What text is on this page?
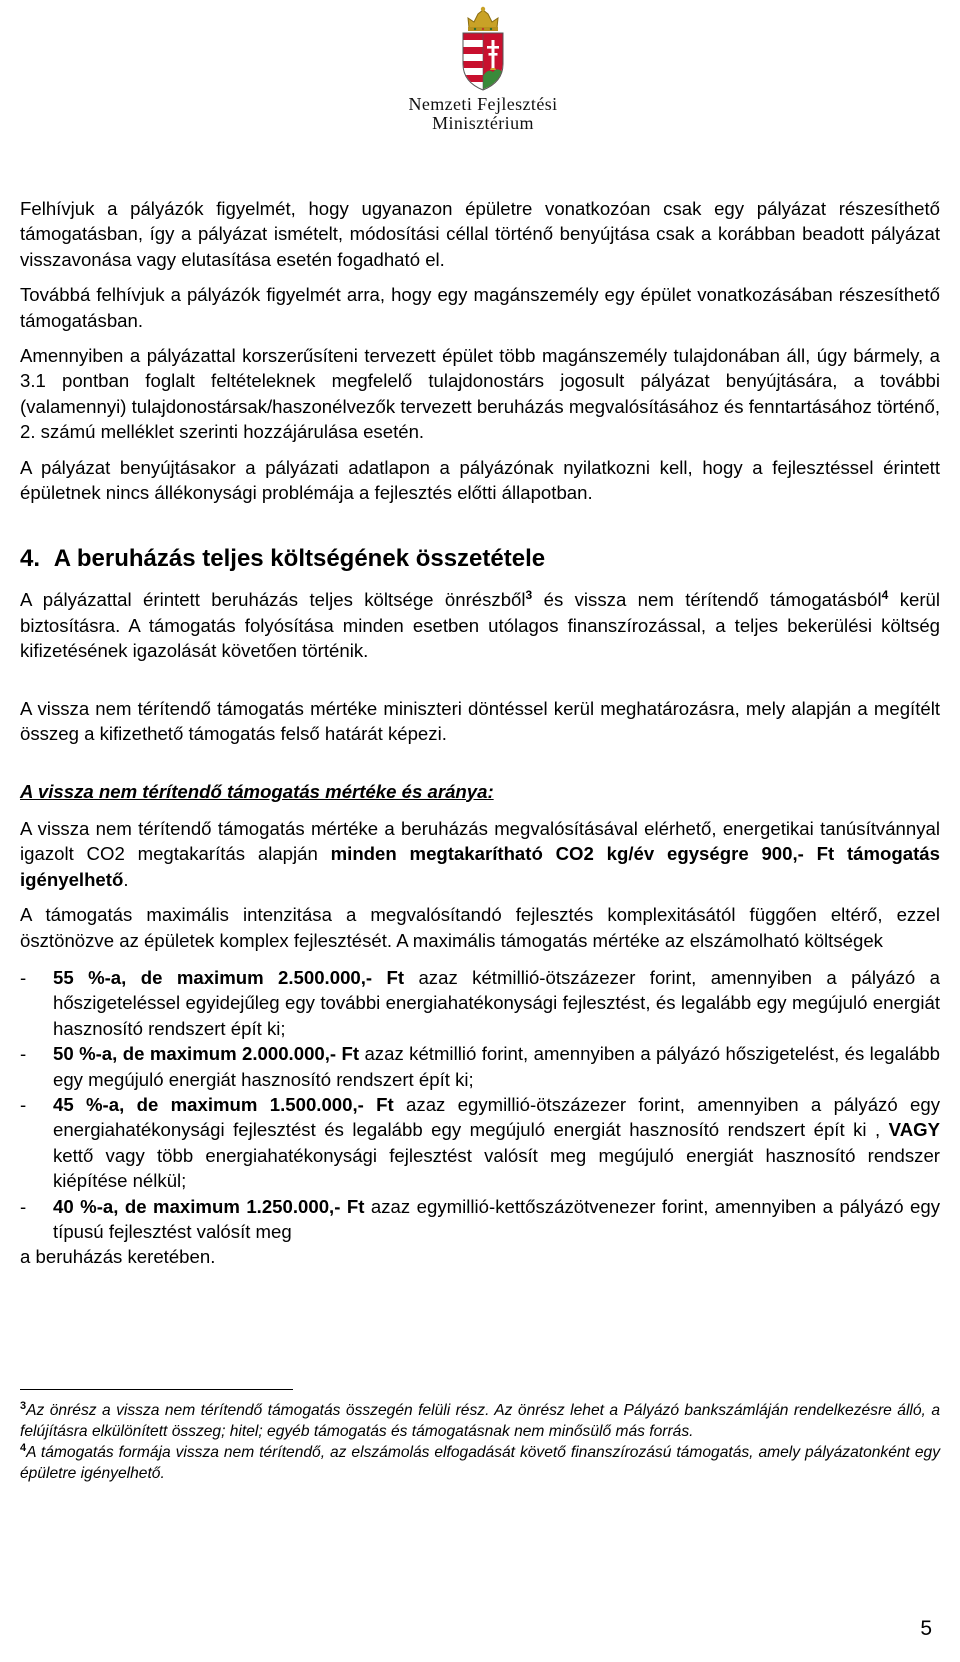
Nemzeti Fejlesztési
Minisztérium

Felhívjuk a pályázók figyelmét, hogy ugyanazon épületre vonatkozóan csak egy pályázat részesíthető támogatásban, így a pályázat ismételt, módosítási céllal történő benyújtása csak a korábban beadott pályázat visszavonása vagy elutasítása esetén fogadható el.

Továbbá felhívjuk a pályázók figyelmét arra, hogy egy magánszemély egy épület vonatkozásában részesíthető támogatásban.

Amennyiben a pályázattal korszerűsíteni tervezett épület több magánszemély tulajdonában áll, úgy bármely, a 3.1 pontban foglalt feltételeknek megfelelő tulajdonostárs jogosult pályázat benyújtására, a további (valamennyi) tulajdonostársak/haszonélvezők tervezett beruházás megvalósításához és fenntartásához történő, 2. számú melléklet szerinti hozzájárulása esetén.

A pályázat benyújtásakor a pályázati adatlapon a pályázónak nyilatkozni kell, hogy a fejlesztéssel érintett épületnek nincs állékonysági problémája a fejlesztés előtti állapotban.

4. A beruházás teljes költségének összetétele

A pályázattal érintett beruházás teljes költsége önrészből$^3$ és vissza nem térítendő támogatásból$^4$ kerül biztosításra. A támogatás folyósítása minden esetben utólagos finanszírozással, a teljes bekerülési költség kifizetésének igazolását követően történik.

A vissza nem térítendő támogatás mértéke miniszteri döntéssel kerül meghatározásra, mely alapján a megítélt összeg a kifizethető támogatás felső határát képezi.

A vissza nem térítendő támogatás mértéke és aránya:

A vissza nem térítendő támogatás mértéke a beruházás megvalósításával elérhető, energetikai tanúsítvánnyal igazolt CO2 megtakarítás alapján minden megtakarítható CO2 kg/év egységre 900,- Ft támogatás igényelhető.

A támogatás maximális intenzitása a megvalósítandó fejlesztés komplexitásától függően eltérő, ezzel ösztönözve az épületek komplex fejlesztését. A maximális támogatás mértéke az elszámolható költségek

- 55 %-a, de maximum 2.500.000,- Ft azaz kétmillió-ötszázezer forint, amennyiben a pályázó a hőszigeteléssel egyidejűleg egy további energiahatékonysági fejlesztést, és legalább egy megújuló energiát hasznosító rendszert épít ki;
- 50 %-a, de maximum 2.000.000,- Ft azaz kétmillió forint, amennyiben a pályázó hőszigetelést, és legalább egy megújuló energiát hasznosító rendszert épít ki;
- 45 %-a, de maximum 1.500.000,- Ft azaz egymillió-ötszázezer forint, amennyiben a pályázó egy energiahatékonysági fejlesztést és legalább egy megújuló energiát hasznosító rendszert épít ki , VAGY kettő vagy több energiahatékonysági fejlesztést valósít meg megújuló energiát hasznosító rendszer kiépítése nélkül;
- 40 %-a, de maximum 1.250.000,- Ft azaz egymillió-kettőszázötvenezer forint, amennyiben a pályázó egy típusú fejlesztést valósít meg

a beruházás keretében.

$^3$Az önrész a vissza nem térítendő támogatás összegén felüli rész. Az önrész lehet a Pályázó bankszámláján rendelkezésre álló, a felújításra elkülönített összeg; hitel; egyéb támogatás és támogatásnak nem minősülő más forrás.

$^4$A támogatás formája vissza nem térítendő, az elszámolás elfogadását követő finanszírozású támogatás, amely pályázatonként egy épületre igényelhető.

5
